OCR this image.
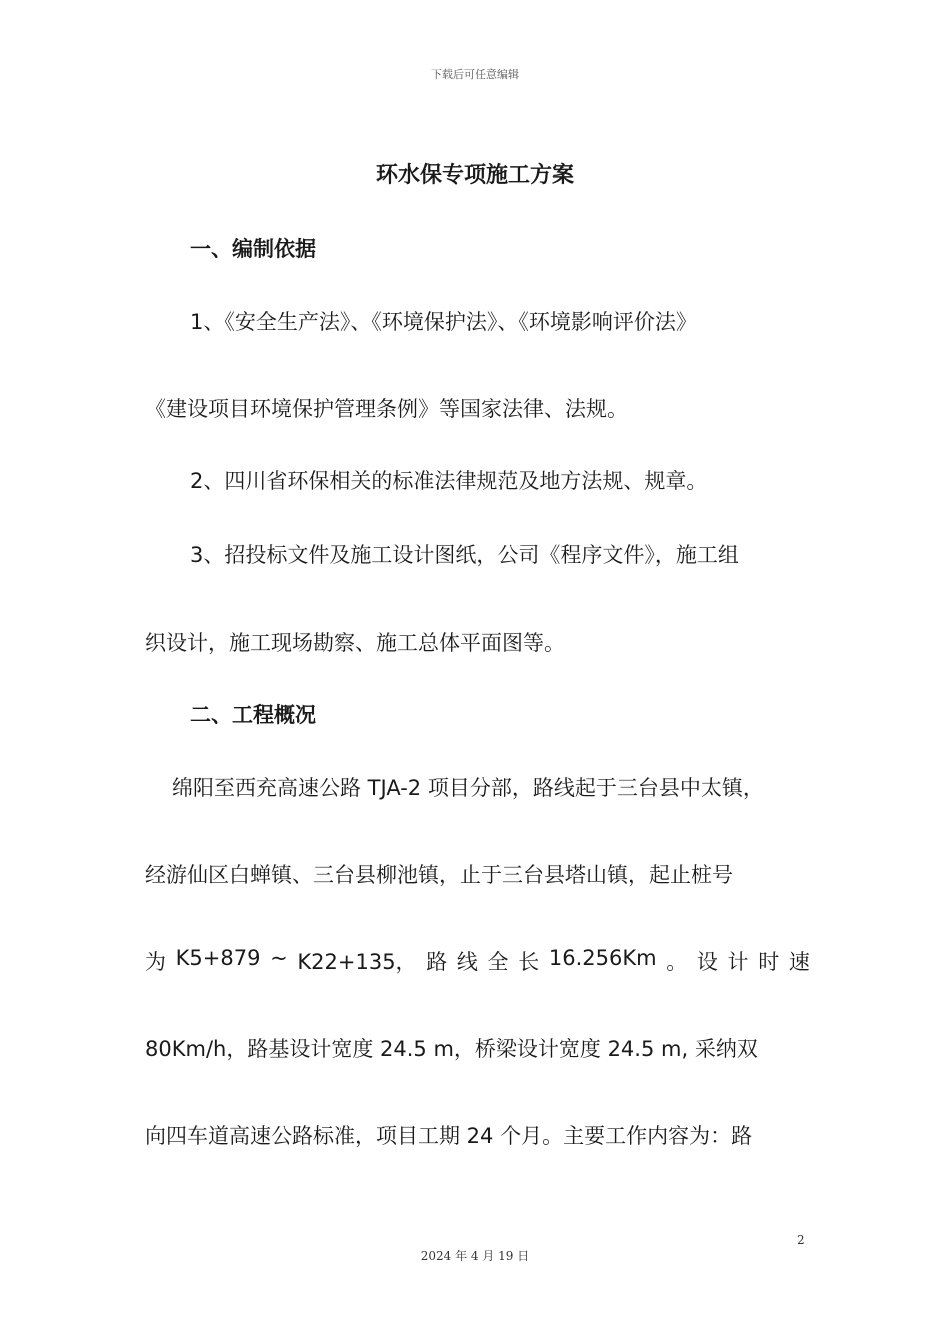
下载后可任意编辑
环水保专项施工方案
一、编制依据
1、《安全生产法》、《环境保护法》、《环境影响评价法》
《建设项目环境保护管理条例》等国家法律、法规。
2、四川省环保相关的标准法律规范及地方法规、规章。
3、招投标文件及施工设计图纸，公司《程序文件》，施工组
织设计，施工现场勘察、施工总体平面图等。
二、工程概况
绵阳至西充高速公路 TJA-2 项目分部，路线起于三台县中太镇，
经游仙区白蝉镇、三台县柳池镇，止于三台县塔山镇，起止桩号
为 K5+879 ~ K22+135， 路 线 全 长 16.256Km 。 设 计 时 速
80Km/h，路基设计宽度 24.5 m，桥梁设计宽度 24.5 m, 采纳双
向四车道高速公路标准，项目工期 24 个月。主要工作内容为：路
2
2024 年 4 月 19 日
